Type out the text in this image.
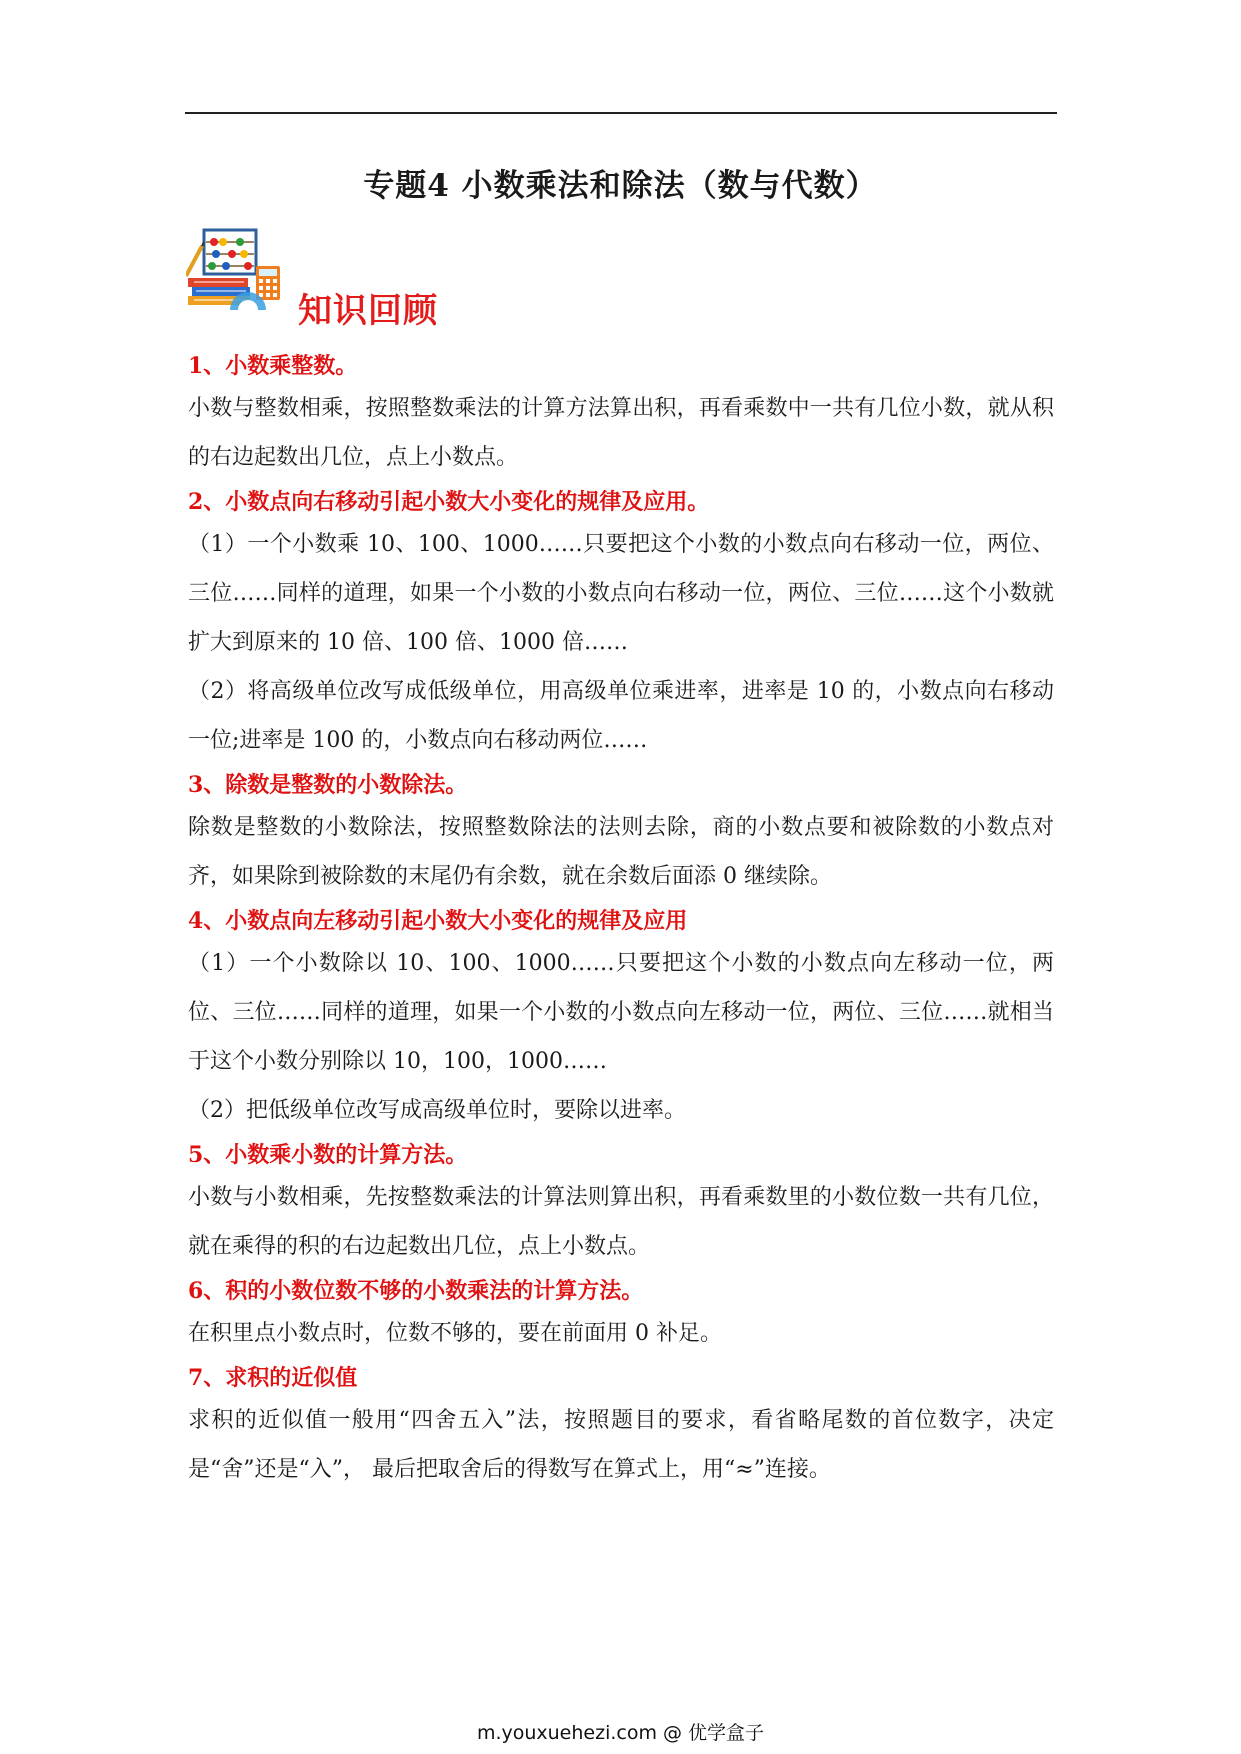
专题4 小数乘法和除法（数与代数）
知识回顾
1、小数乘整数。
小数与整数相乘，按照整数乘法的计算方法算出积，再看乘数中一共有几位小数，就从积的右边起数出几位，点上小数点。
2、小数点向右移动引起小数大小变化的规律及应用。
（1）一个小数乘 10、100、1000……只要把这个小数的小数点向右移动一位，两位、三位……同样的道理，如果一个小数的小数点向右移动一位，两位、三位……这个小数就扩大到原来的 10 倍、100 倍、1000 倍……
（2）将高级单位改写成低级单位，用高级单位乘进率，进率是 10 的，小数点向右移动一位;进率是 100 的，小数点向右移动两位……
3、除数是整数的小数除法。
除数是整数的小数除法，按照整数除法的法则去除，商的小数点要和被除数的小数点对齐，如果除到被除数的末尾仍有余数，就在余数后面添 0 继续除。
4、小数点向左移动引起小数大小变化的规律及应用
（1）一个小数除以 10、100、1000……只要把这个小数的小数点向左移动一位，两位、三位……同样的道理，如果一个小数的小数点向左移动一位，两位、三位……就相当于这个小数分别除以 10，100，1000……
（2）把低级单位改写成高级单位时，要除以进率。
5、小数乘小数的计算方法。
小数与小数相乘，先按整数乘法的计算法则算出积，再看乘数里的小数位数一共有几位，就在乘得的积的右边起数出几位，点上小数点。
6、积的小数位数不够的小数乘法的计算方法。
在积里点小数点时，位数不够的，要在前面用 0 补足。
7、求积的近似值
求积的近似值一般用“四舍五入”法，按照题目的要求，看省略尾数的首位数字，决定是“舍”还是“入”， 最后把取舍后的得数写在算式上，用“≈”连接。
m.youxuehezi.com @ 优学盒子
